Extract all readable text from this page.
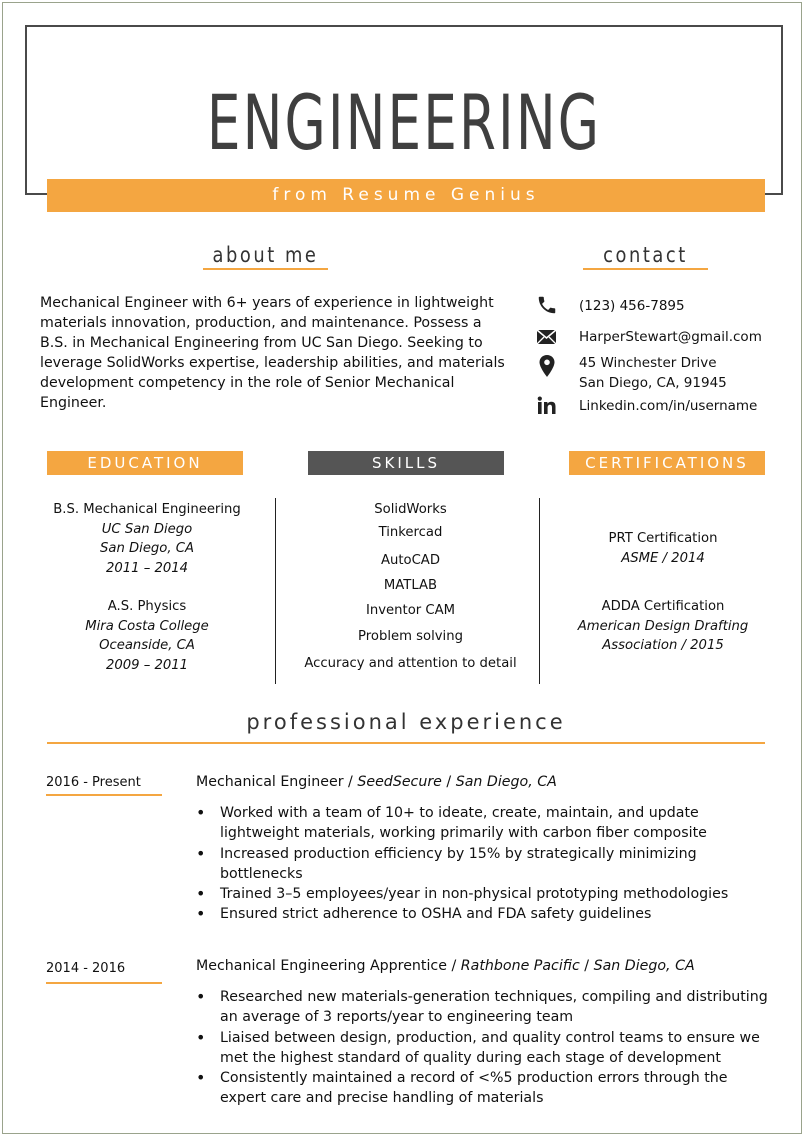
ENGINEERING
from Resume Genius
about me
Mechanical Engineer with 6+ years of experience in lightweight materials innovation, production, and maintenance. Possess a B.S. in Mechanical Engineering from UC San Diego. Seeking to leverage SolidWorks expertise, leadership abilities, and materials development competency in the role of Senior Mechanical Engineer.
contact
(123) 456-7895
HarperStewart@gmail.com
45 Winchester Drive
San Diego, CA, 91945
Linkedin.com/in/username
EDUCATION	SKILLS	CERTIFICATIONS
B.S. Mechanical Engineering
UC San Diego
San Diego, CA
2011 – 2014
A.S. Physics
Mira Costa College
Oceanside, CA
2009 – 2011
SolidWorks
Tinkercad
AutoCAD
MATLAB
Inventor CAM
Problem solving
Accuracy and attention to detail
PRT Certification
ASME / 2014
ADDA Certification
American Design Drafting
Association / 2015
professional experience
2016 - Present	Mechanical Engineer / SeedSecure / San Diego, CA
• Worked with a team of 10+ to ideate, create, maintain, and update lightweight materials, working primarily with carbon fiber composite
• Increased production efficiency by 15% by strategically minimizing bottlenecks
• Trained 3–5 employees/year in non-physical prototyping methodologies
• Ensured strict adherence to OSHA and FDA safety guidelines
2014 - 2016	Mechanical Engineering Apprentice / Rathbone Pacific / San Diego, CA
• Researched new materials-generation techniques, compiling and distributing an average of 3 reports/year to engineering team
• Liaised between design, production, and quality control teams to ensure we met the highest standard of quality during each stage of development
• Consistently maintained a record of <%5 production errors through the expert care and precise handling of materials
